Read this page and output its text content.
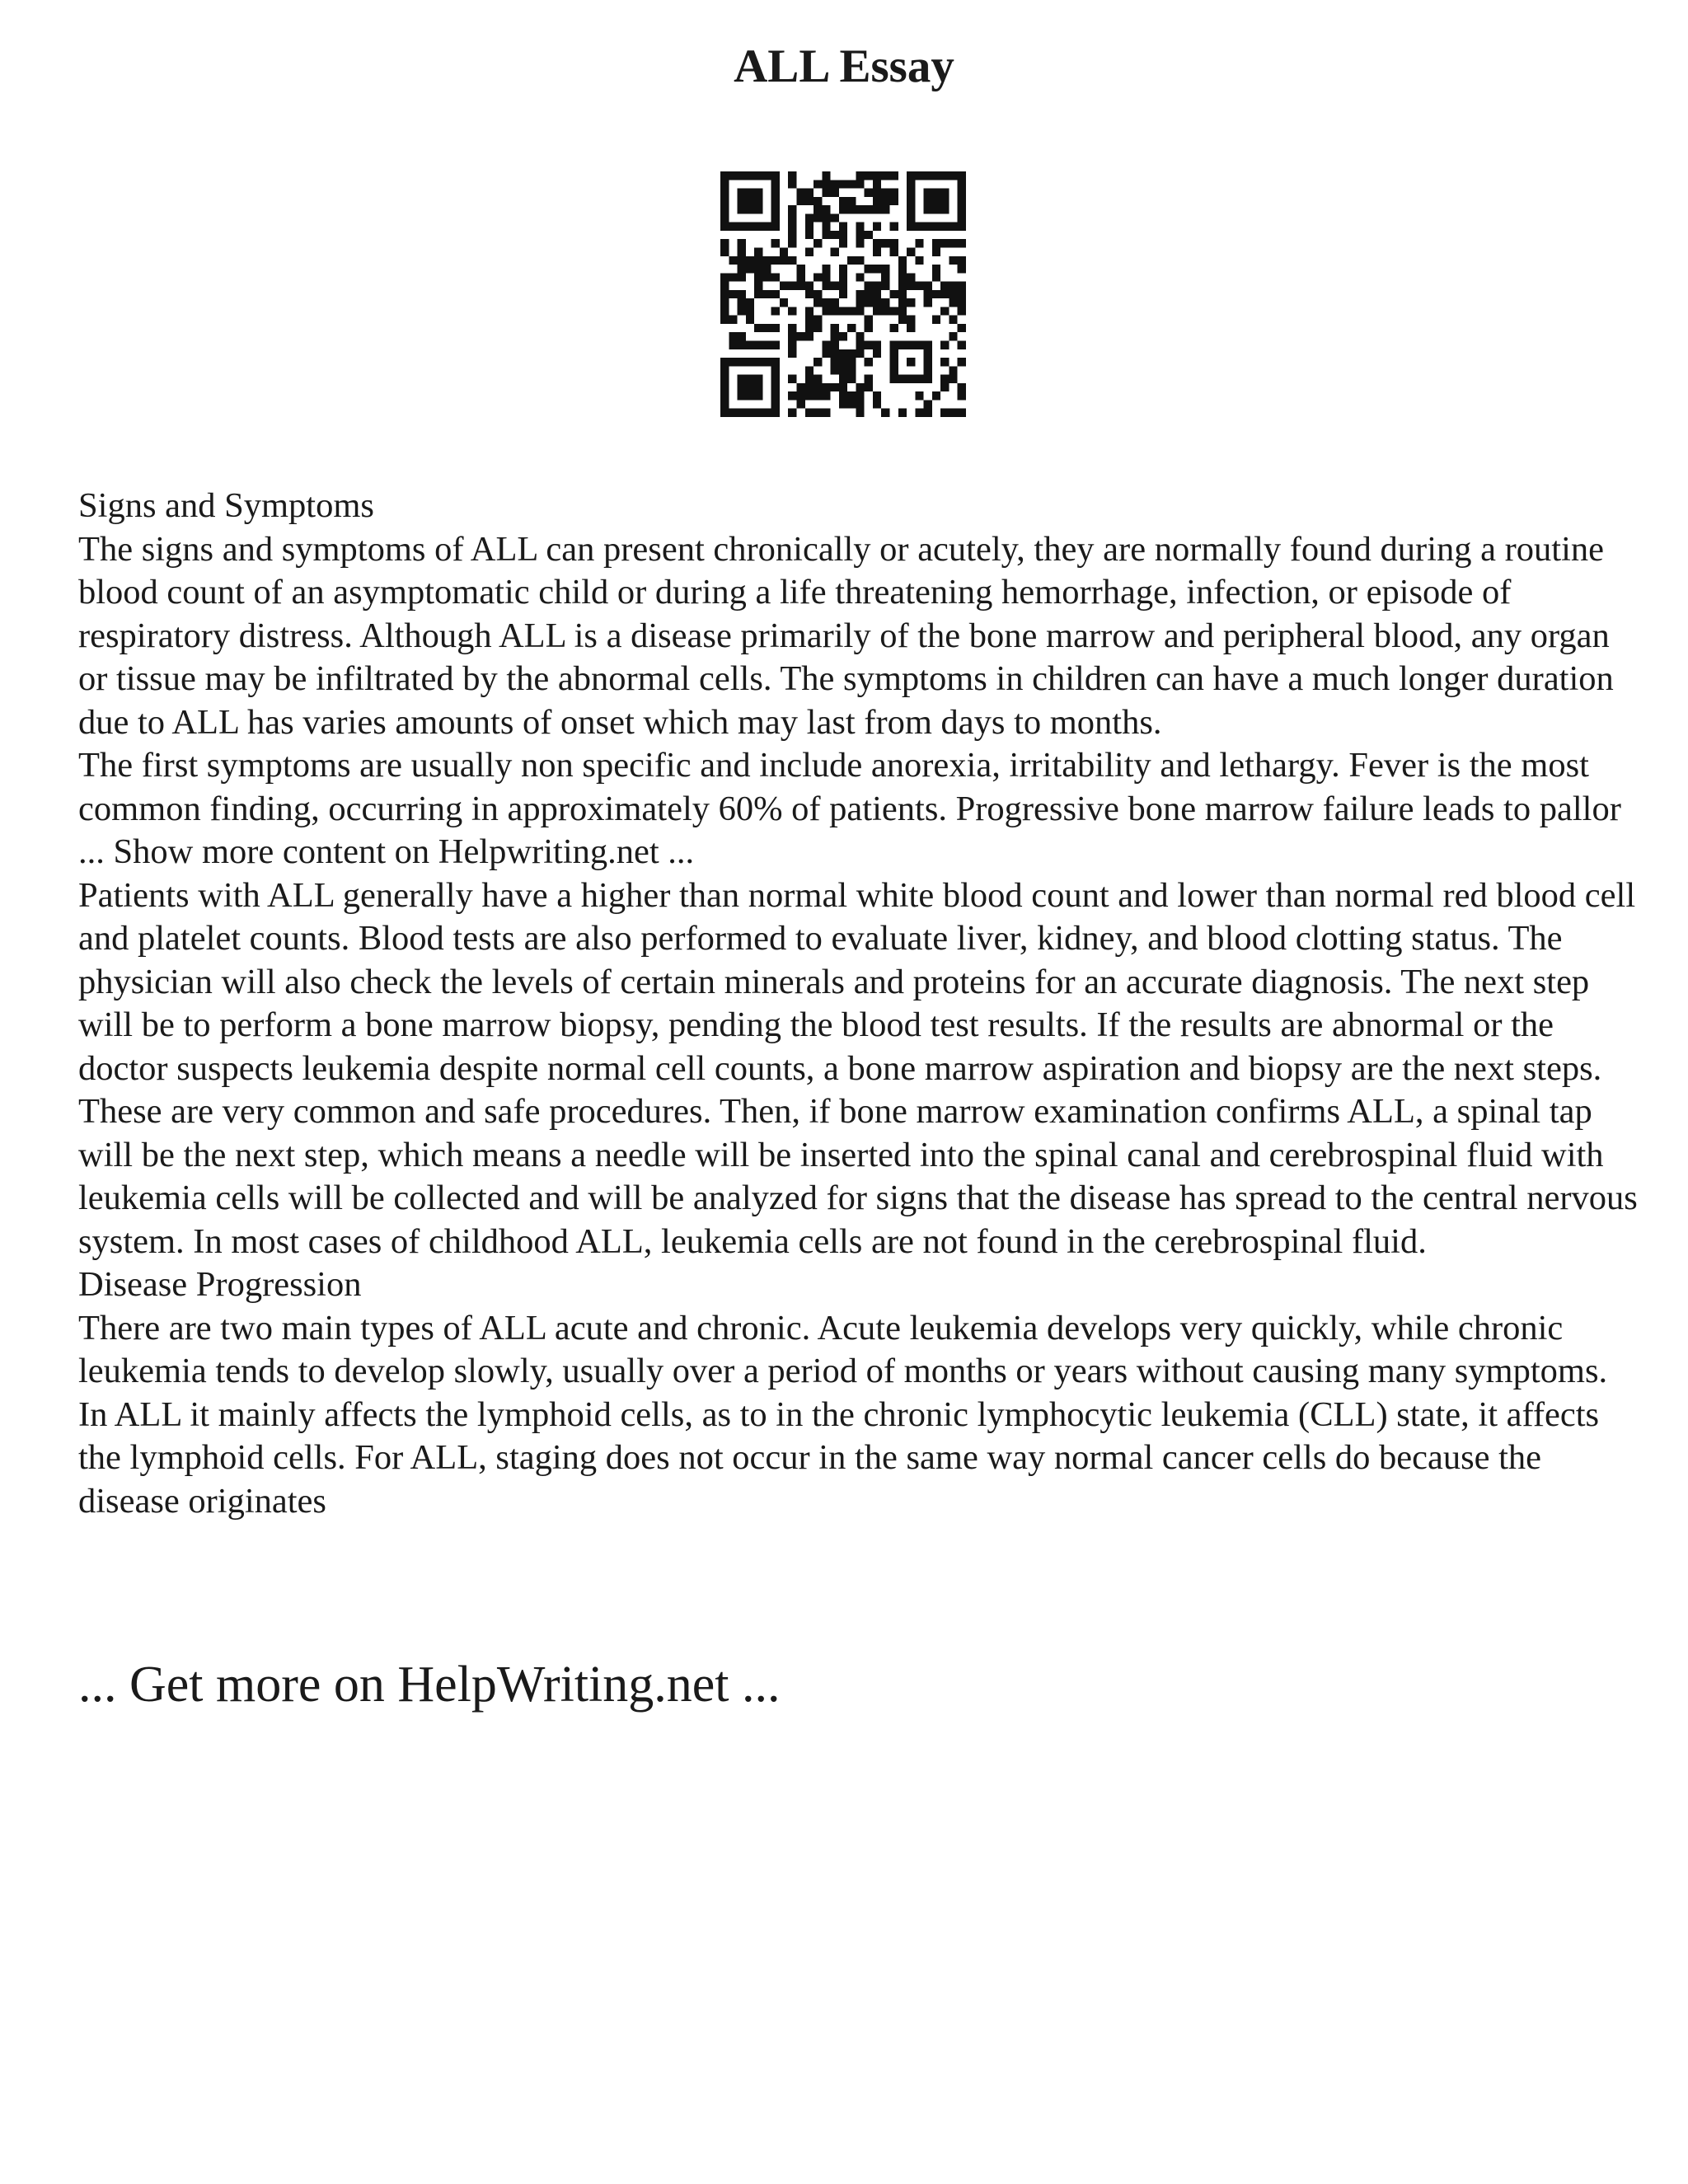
ALL Essay

Signs and Symptoms

The signs and symptoms of ALL can present chronically or acutely, they are normally found during a routine blood count of an asymptomatic child or during a life threatening hemorrhage, infection, or episode of respiratory distress. Although ALL is a disease primarily of the bone marrow and peripheral blood, any organ or tissue may be infiltrated by the abnormal cells. The symptoms in children can have a much longer duration due to ALL has varies amounts of onset which may last from days to months.

The first symptoms are usually non specific and include anorexia, irritability and lethargy. Fever is the most common finding, occurring in approximately 60% of patients. Progressive bone marrow failure leads to pallor ... Show more content on Helpwriting.net ...

Patients with ALL generally have a higher than normal white blood count and lower than normal red blood cell and platelet counts. Blood tests are also performed to evaluate liver, kidney, and blood clotting status. The physician will also check the levels of certain minerals and proteins for an accurate diagnosis. The next step will be to perform a bone marrow biopsy, pending the blood test results. If the results are abnormal or the doctor suspects leukemia despite normal cell counts, a bone marrow aspiration and biopsy are the next steps. These are very common and safe procedures. Then, if bone marrow examination confirms ALL, a spinal tap will be the next step, which means a needle will be inserted into the spinal canal and cerebrospinal fluid with leukemia cells will be collected and will be analyzed for signs that the disease has spread to the central nervous system. In most cases of childhood ALL, leukemia cells are not found in the cerebrospinal fluid.

Disease Progression

There are two main types of ALL acute and chronic. Acute leukemia develops very quickly, while chronic leukemia tends to develop slowly, usually over a period of months or years without causing many symptoms. In ALL it mainly affects the lymphoid cells, as to in the chronic lymphocytic leukemia (CLL) state, it affects the lymphoid cells. For ALL, staging does not occur in the same way normal cancer cells do because the disease originates

... Get more on HelpWriting.net ...
